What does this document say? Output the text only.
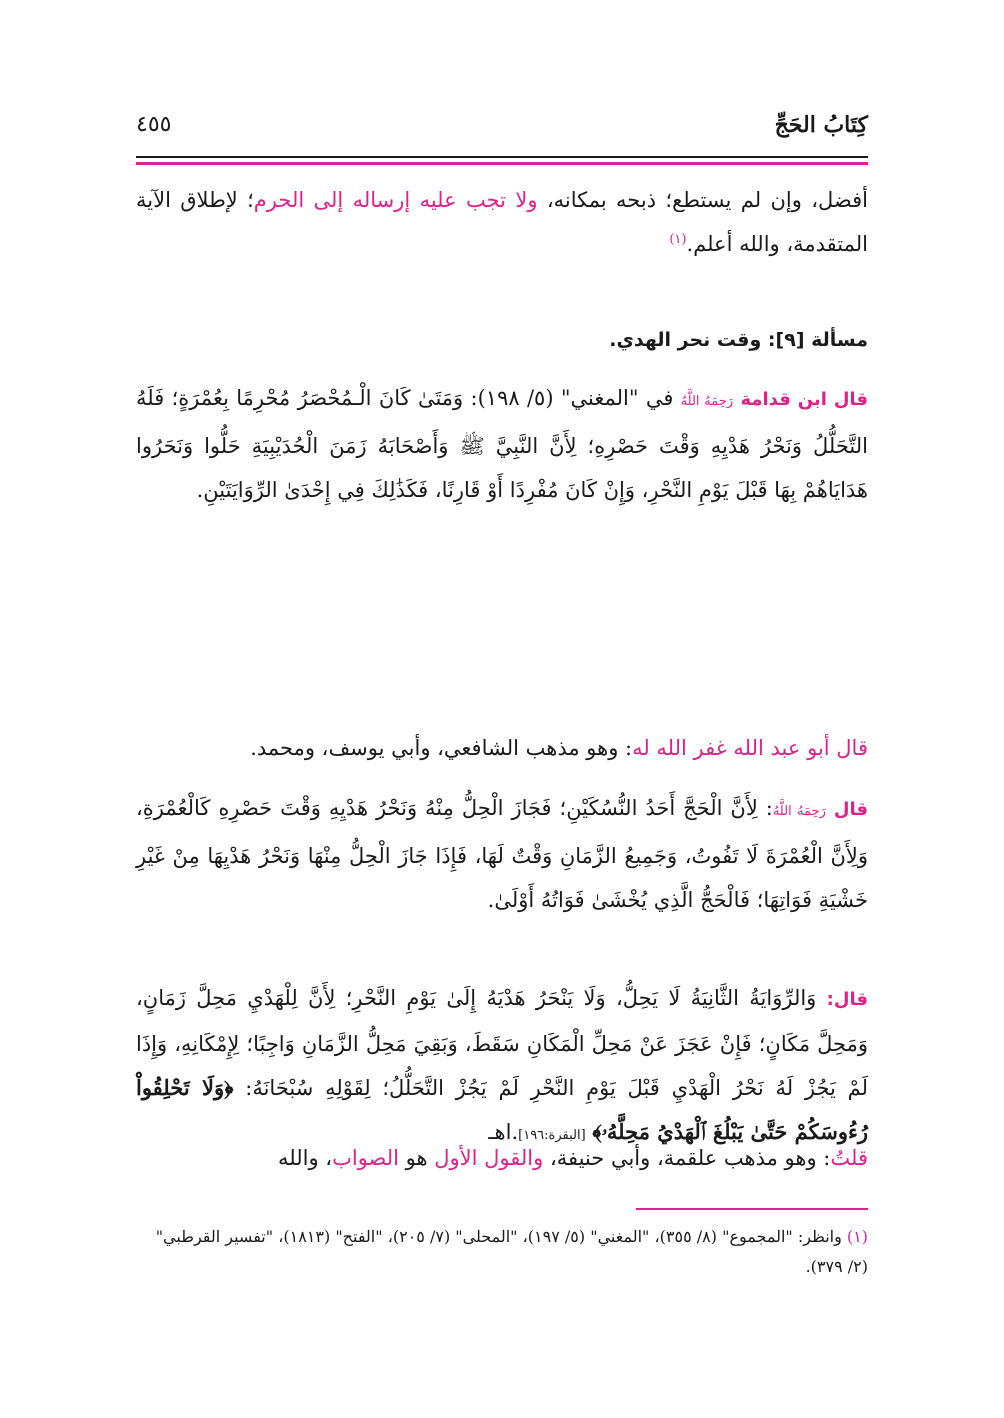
كِتَابُ الحَجِّ
٤٥٥

أفضل، وإن لم يستطع؛ ذبحه بمكانه، ولا تجب عليه إرساله إلى الحرم؛ لإطلاق الآية المتقدمة، والله أعلم.$^{(١)}$

مسألة [٩]: وقت نحر الهدي.

قال ابن قدامة رَحِمَهُ اللَّهُ في "المغني" (٥/ ١٩٨): وَمَتَىٰ كَانَ الْـمُحْصَرُ مُحْرِمًا بِعُمْرَةٍ؛ فَلَهُ التَّحَلُّلُ وَنَحْرُ هَدْيِهِ وَقْتَ حَصْرِهِ؛ لِأَنَّ النَّبِيَّ ﷺ وَأَصْحَابَهُ زَمَنَ الْحُدَيْبِيَةِ حَلُّوا وَنَحَرُوا هَدَايَاهُمْ بِهَا قَبْلَ يَوْمِ النَّحْرِ، وَإِنْ كَانَ مُفْرِدًا أَوْ قَارِنًا، فَكَذَٰلِكَ فِي إِحْدَىٰ الرِّوَايَتَيْنِ.

قال أبو عبد الله غفر الله له: وهو مذهب الشافعي، وأبي يوسف، ومحمد.

قال رَحِمَهُ اللَّهُ: لِأَنَّ الْحَجَّ أَحَدُ النُّسُكَيْنِ؛ فَجَازَ الْحِلُّ مِنْهُ وَنَحْرُ هَدْيِهِ وَقْتَ حَصْرِهِ كَالْعُمْرَةِ، وَلِأَنَّ الْعُمْرَةَ لَا تَفُوتُ، وَجَمِيعُ الزَّمَانِ وَقْتٌ لَهَا، فَإِذَا جَازَ الْحِلُّ مِنْهَا وَنَحْرُ هَدْيِهَا مِنْ غَيْرِ خَشْيَةِ فَوَاتِهَا؛ فَالْحَجُّ الَّذِي يُخْشَىٰ فَوَاتُهُ أَوْلَىٰ.

قال: وَالرِّوَايَةُ الثَّانِيَةُ لَا يَحِلُّ، وَلَا يَنْحَرُ هَدْيَهُ إِلَىٰ يَوْمِ النَّحْرِ؛ لِأَنَّ لِلْهَدْيِ مَحِلَّ زَمَانٍ، وَمَحِلَّ مَكَانٍ؛ فَإِنْ عَجَزَ عَنْ مَحِلِّ الْمَكَانِ سَقَطَ، وَبَقِيَ مَحِلُّ الزَّمَانِ وَاجِبًا؛ لِإِمْكَانِهِ، وَإِذَا لَمْ يَجُزْ لَهُ نَحْرُ الْهَدْيِ قَبْلَ يَوْمِ النَّحْرِ لَمْ يَجُزْ التَّحَلُّلُ؛ لِقَوْلِهِ سُبْحَانَهُ: ﴿وَلَا تَحْلِقُواْ رُءُوسَكُمْ حَتَّىٰ يَبْلُغَ ٱلْهَدْيُ مَحِلَّهُۥ﴾ [البقرة:١٩٦].اهـ

قلتُ: وهو مذهب علقمة، وأبي حنيفة، والقول الأول هو الصواب، والله

(١) وانظر: "المجموع" (٨/ ٣٥٥)، "المغني" (٥/ ١٩٧)، "المحلى" (٧/ ٢٠٥)، "الفتح" (١٨١٣)، "تفسير القرطبي" (٢/ ٣٧٩).
